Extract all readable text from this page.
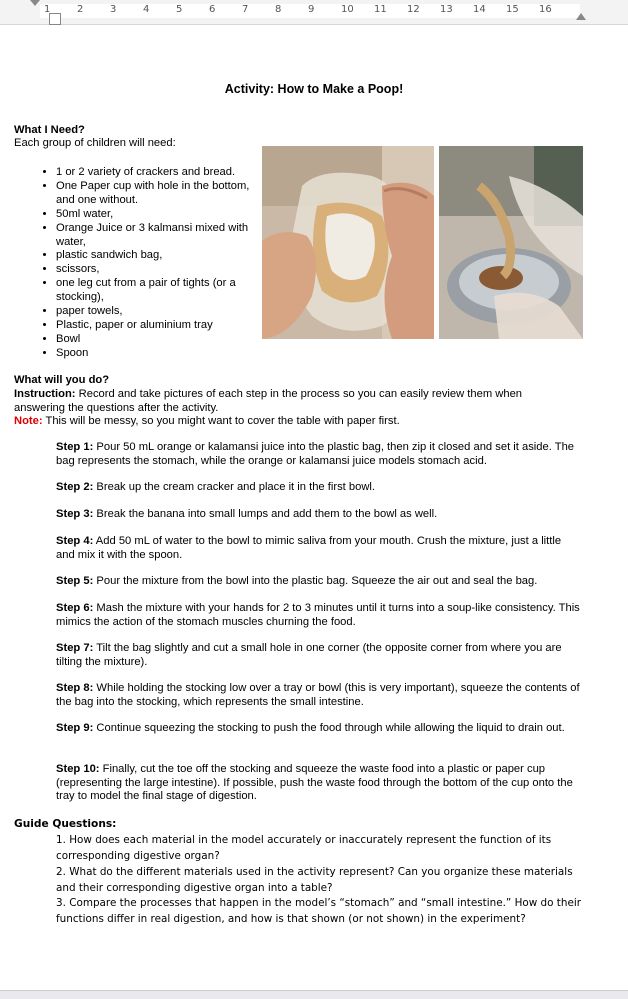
1	2	3	4	5	6	7	8	9	10 11 12 13 14 15 16
Activity: How to Make a Poop!
What I Need?
Each group of children will need:
• 1 or 2 variety of crackers and bread.
• One Paper cup with hole in the bottom, and one without.
• 50ml water,
• Orange Juice or 3 kalmansi mixed with water,
• plastic sandwich bag,
• scissors,
• one leg cut from a pair of tights (or a stocking),
• paper towels,
• Plastic, paper or aluminium tray
• Bowl
• Spoon
What will you do?
Instruction: Record and take pictures of each step in the process so you can easily review them when answering the questions after the activity.
Note: This will be messy, so you might want to cover the table with paper first.
Step 1: Pour 50 mL orange or kalamansi juice into the plastic bag, then zip it closed and set it aside. The bag represents the stomach, while the orange or kalamansi juice models stomach acid.
Step 2: Break up the cream cracker and place it in the first bowl.
Step 3: Break the banana into small lumps and add them to the bowl as well.
Step 4: Add 50 mL of water to the bowl to mimic saliva from your mouth. Crush the mixture, just a little and mix it with the spoon.
Step 5: Pour the mixture from the bowl into the plastic bag. Squeeze the air out and seal the bag.
Step 6: Mash the mixture with your hands for 2 to 3 minutes until it turns into a soup-like consistency. This mimics the action of the stomach muscles churning the food.
Step 7: Tilt the bag slightly and cut a small hole in one corner (the opposite corner from where you are tilting the mixture).
Step 8: While holding the stocking low over a tray or bowl (this is very important), squeeze the contents of the bag into the stocking, which represents the small intestine.
Step 9: Continue squeezing the stocking to push the food through while allowing the liquid to drain out.
Step 10: Finally, cut the toe off the stocking and squeeze the waste food into a plastic or paper cup (representing the large intestine). If possible, push the waste food through the bottom of the cup onto the tray to model the final stage of digestion.
Guide Questions:
1. How does each material in the model accurately or inaccurately represent the function of its corresponding digestive organ?
2. What do the different materials used in the activity represent? Can you organize these materials and their corresponding digestive organ into a table?
3. Compare the processes that happen in the model’s “stomach” and “small intestine.” How do their functions differ in real digestion, and how is that shown (or not shown) in the experiment?
